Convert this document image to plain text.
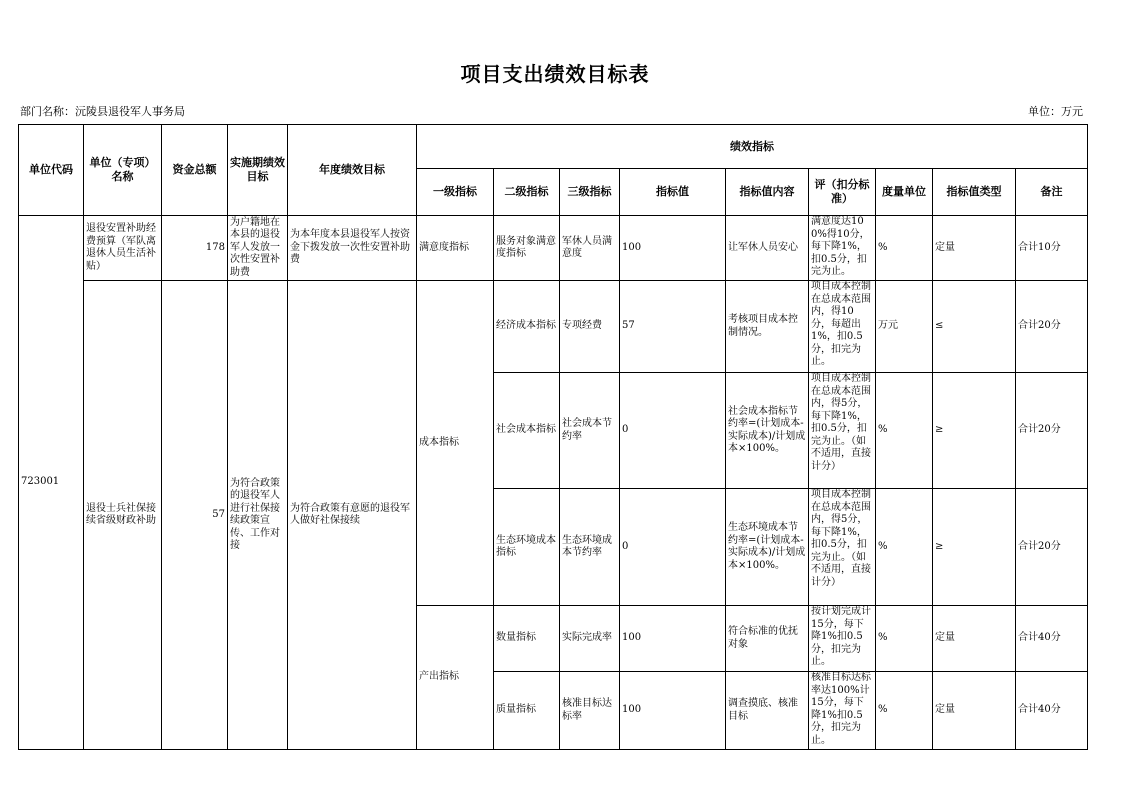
项目支出绩效目标表
部门名称：沅陵县退役军人事务局	单位：万元
单位代码	单位（专项）名称	资金总额	实施期绩效目标	年度绩效目标	绩效指标								
					一级指标	二级指标	三级指标	指标值	指标值内容	评（扣分标准）	度量单位	指标值类型	备注
723001	退役安置补助经费预算（军队离退休人员生活补贴）	178	为户籍地在本县的退役军人发放一次性安置补助费	为本年度本县退役军人按资金下拨发放一次性安置补助费	满意度指标	服务对象满意度指标	军休人员满意度	100	让军休人员安心	满意度达100%得10分，每下降1%，扣0.5分，扣完为止。	%	定量	合计10分
	退役士兵社保接续省级财政补助	57	为符合政策的退役军人进行社保接续政策宣传、工作对接	为符合政策有意愿的退役军人做好社保接续	成本指标	经济成本指标	专项经费	57	考核项目成本控制情况。	项目成本控制在总成本范围内，得10分，每超出1%，扣0.5分，扣完为止。	万元	≤	合计20分
						社会成本指标	社会成本节约率	0	社会成本指标节约率=(计划成本-实际成本)/计划成本×100%。	项目成本控制在总成本范围内，得5分，每下降1%，扣0.5分，扣完为止。（如不适用，直接计分）	%	≥	合计20分
						生态环境成本指标	生态环境成本节约率	0	生态环境成本节约率=(计划成本-实际成本)/计划成本×100%。	项目成本控制在总成本范围内，得5分，每下降1%，扣0.5分，扣完为止。（如不适用，直接计分）	%	≥	合计20分
					产出指标	数量指标	实际完成率	100	符合标准的优抚对象	按计划完成计15分，每下降1%扣0.5分，扣完为止。	%	定量	合计40分
						质量指标	核准目标达标率	100	调查摸底、核准目标	核准目标达标率达100%计15分，每下降1%扣0.5分，扣完为止。	%	定量	合计40分
